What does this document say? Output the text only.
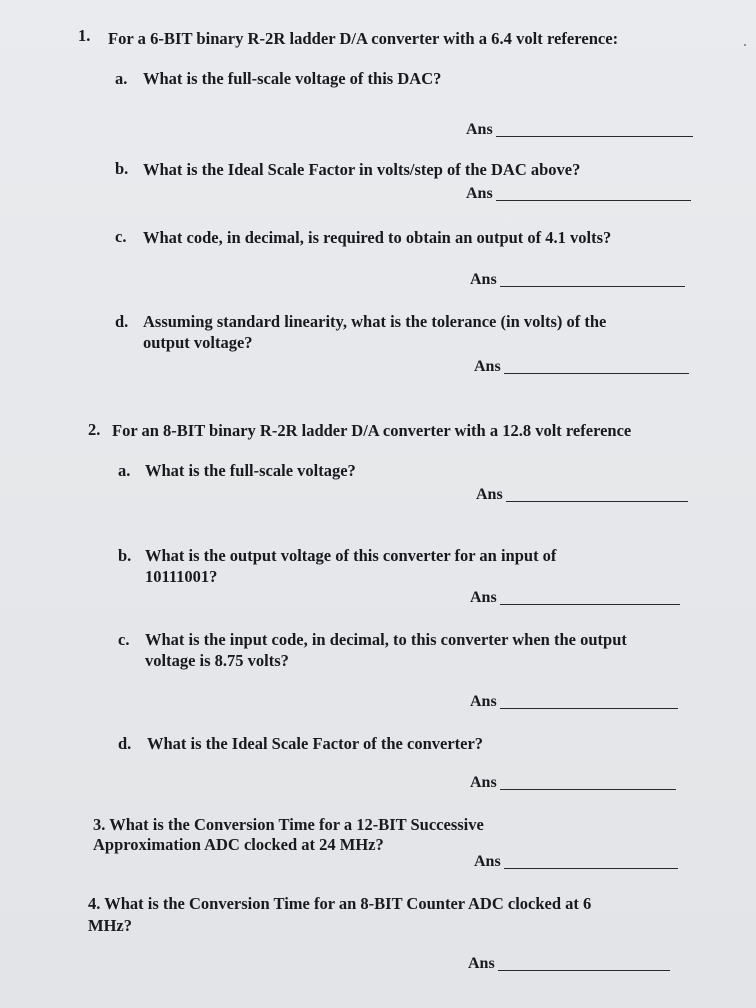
1. For a 6-BIT binary R-2R ladder D/A converter with a 6.4 volt reference:

a. What is the full-scale voltage of this DAC?

Ans

b. What is the Ideal Scale Factor in volts/step of the DAC above?

Ans

c. What code, in decimal, is required to obtain an output of 4.1 volts?

Ans

d. Assuming standard linearity, what is the tolerance (in volts) of the

output voltage?

Ans

2. For an 8-BIT binary R-2R ladder D/A converter with a 12.8 volt reference

a. What is the full-scale voltage?

Ans

b. What is the output voltage of this converter for an input of

10111001?

Ans

c. What is the input code, in decimal, to this converter when the output

voltage is 8.75 volts?

Ans

d. What is the Ideal Scale Factor of the converter?

Ans

3. What is the Conversion Time for a 12-BIT Successive

Approximation ADC clocked at 24 MHz?

Ans

4. What is the Conversion Time for an 8-BIT Counter ADC clocked at 6

MHz?

Ans
